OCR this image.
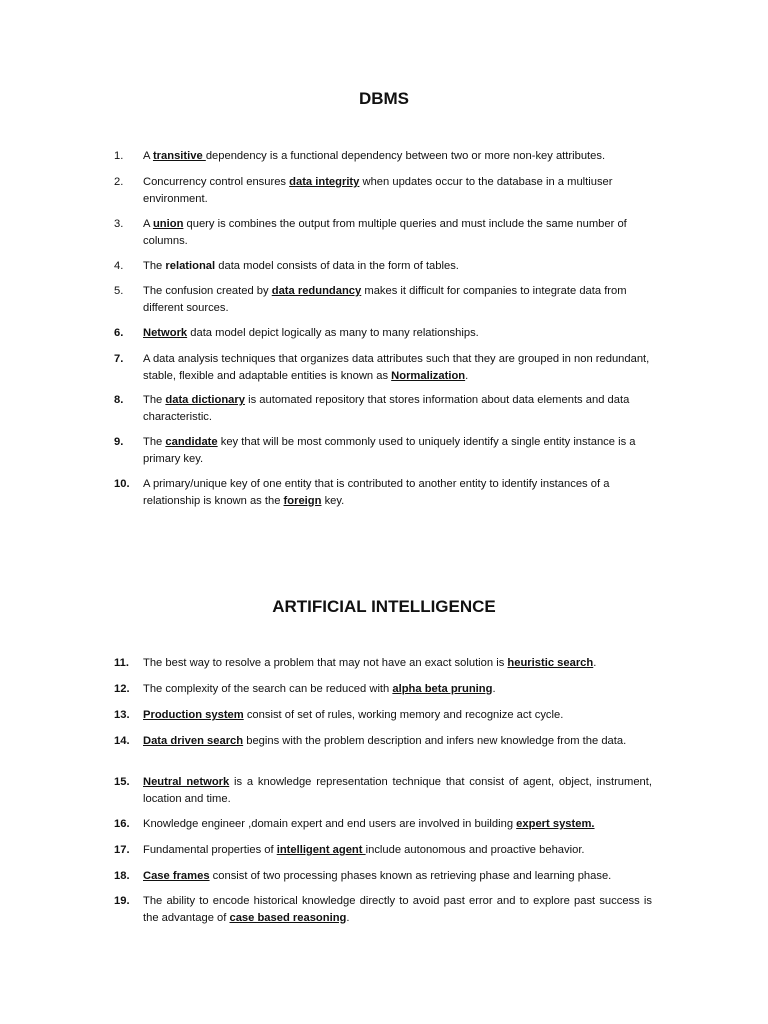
DBMS
ARTIFICIAL INTELLIGENCE
1.	A transitive dependency is a functional dependency between two or more non-key attributes.
2.	Concurrency control ensures data integrity when updates occur to the database in a multiuser environment.
3.	A union query is combines the output from multiple queries and must include the same number of columns.
4.	The relational data model consists of data in the form of tables.
5.	The confusion created by data redundancy makes it difficult for companies to integrate data from different sources.
6.	Network data model depict logically as many to many relationships.
7.	A data analysis techniques that organizes data attributes such that they are grouped in non redundant, stable, flexible and adaptable entities is known as Normalization.
8.	The data dictionary is automated repository that stores information about data elements and data characteristic.
9.	The candidate key that will be most commonly used to uniquely identify a single entity instance is a primary key.
10.	A primary/unique key of one entity that is contributed to another entity to identify instances of a relationship is known as the foreign key.
11.	The best way to resolve a problem that may not have an exact solution is heuristic search.
12.	The complexity of the search can be reduced with alpha beta pruning.
13.	Production system consist of set of rules, working memory and recognize act cycle.
14.	Data driven search begins with the problem description and infers new knowledge from the data.
15.	Neutral network is a knowledge representation technique that consist of agent, object, instrument, location and time.
16.	Knowledge engineer ,domain expert and end users are involved in building expert system.
17.	Fundamental properties of intelligent agent include autonomous and proactive behavior.
18.	Case frames consist of two processing phases known as retrieving phase and learning phase.
19.	The ability to encode historical knowledge directly to avoid past error and to explore past success is the advantage of case based reasoning.
